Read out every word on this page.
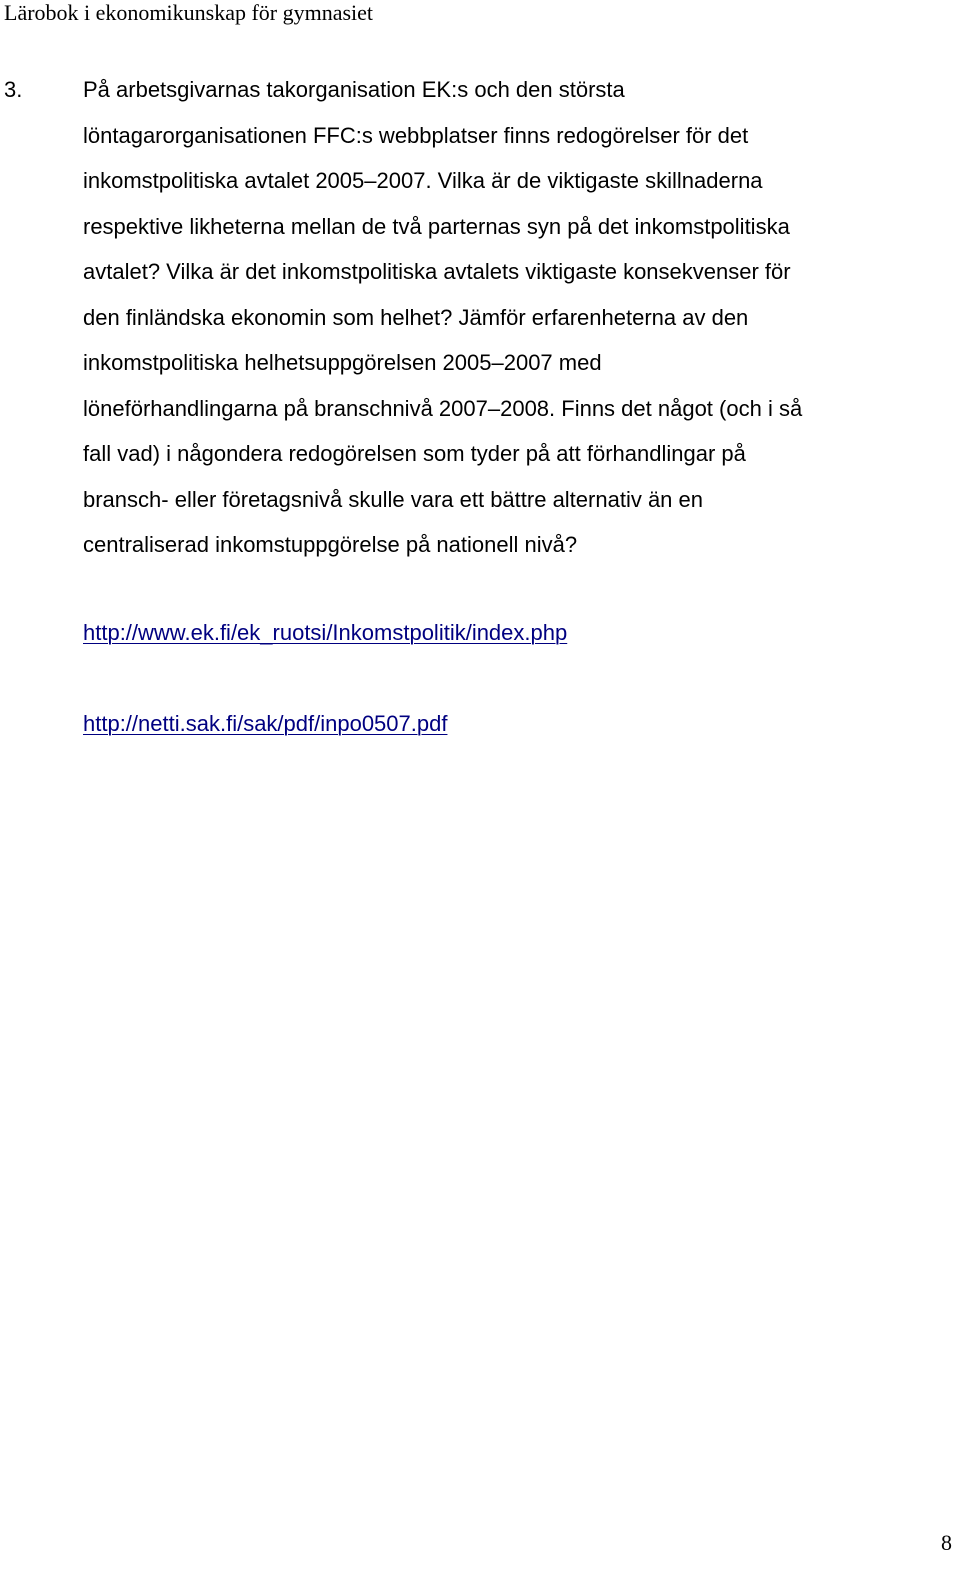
Lärobok i ekonomikunskap för gymnasiet
3.	På arbetsgivarnas takorganisation EK:s och den största
löntagarorganisationen FFC:s webbplatser finns redogörelser för det
inkomstpolitiska avtalet 2005–2007. Vilka är de viktigaste skillnaderna
respektive likheterna mellan de två parternas syn på det inkomstpolitiska
avtalet? Vilka är det inkomstpolitiska avtalets viktigaste konsekvenser för
den finländska ekonomin som helhet? Jämför erfarenheterna av den
inkomstpolitiska helhetsuppgörelsen 2005–2007 med
löneförhandlingarna på branschnivå 2007–2008. Finns det något (och i så
fall vad) i någondera redogörelsen som tyder på att förhandlingar på
bransch- eller företagsnivå skulle vara ett bättre alternativ än en
centraliserad inkomstuppgörelse på nationell nivå?
http://www.ek.fi/ek_ruotsi/Inkomstpolitik/index.php
http://netti.sak.fi/sak/pdf/inpo0507.pdf
8
